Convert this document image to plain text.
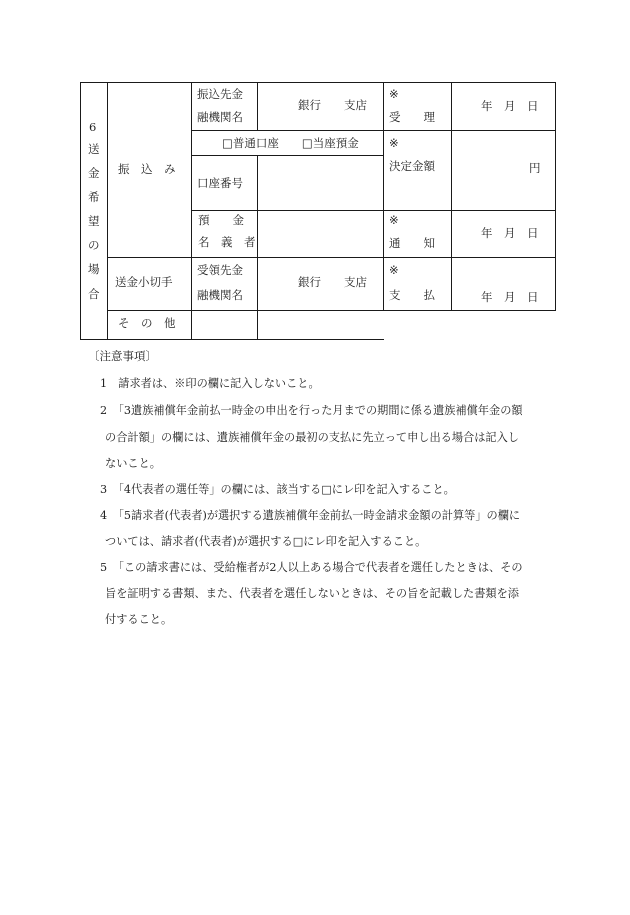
6
送
金
希
望
の
場
合
振　込　み
振込先金
融機関名
銀行　　支店
□普通口座　　□当座預金
口座番号
預　　金
名　義　者
送金小切手
受領先金
融機関名
銀行　　支店
そ　の　他
※
受　　理
※
決定金額
※
通　　知
※
支　　払
年　月　日
円
年　月　日
年　月　日
〔注意事項〕
1　請求者は、※印の欄に記入しないこと。
2　「3遺族補償年金前払一時金の申出を行った月までの期間に係る遺族補償年金の額
の合計額」の欄には、遺族補償年金の最初の支払に先立って申し出る場合は記入し
ないこと。
3　「4代表者の選任等」の欄には、該当する□にレ印を記入すること。
4　「5請求者(代表者)が選択する遺族補償年金前払一時金請求金額の計算等」の欄に
ついては、請求者(代表者)が選択する□にレ印を記入すること。
5　「この請求書には、受給権者が2人以上ある場合で代表者を選任したときは、その
旨を証明する書類、また、代表者を選任しないときは、その旨を記載した書類を添
付すること。
